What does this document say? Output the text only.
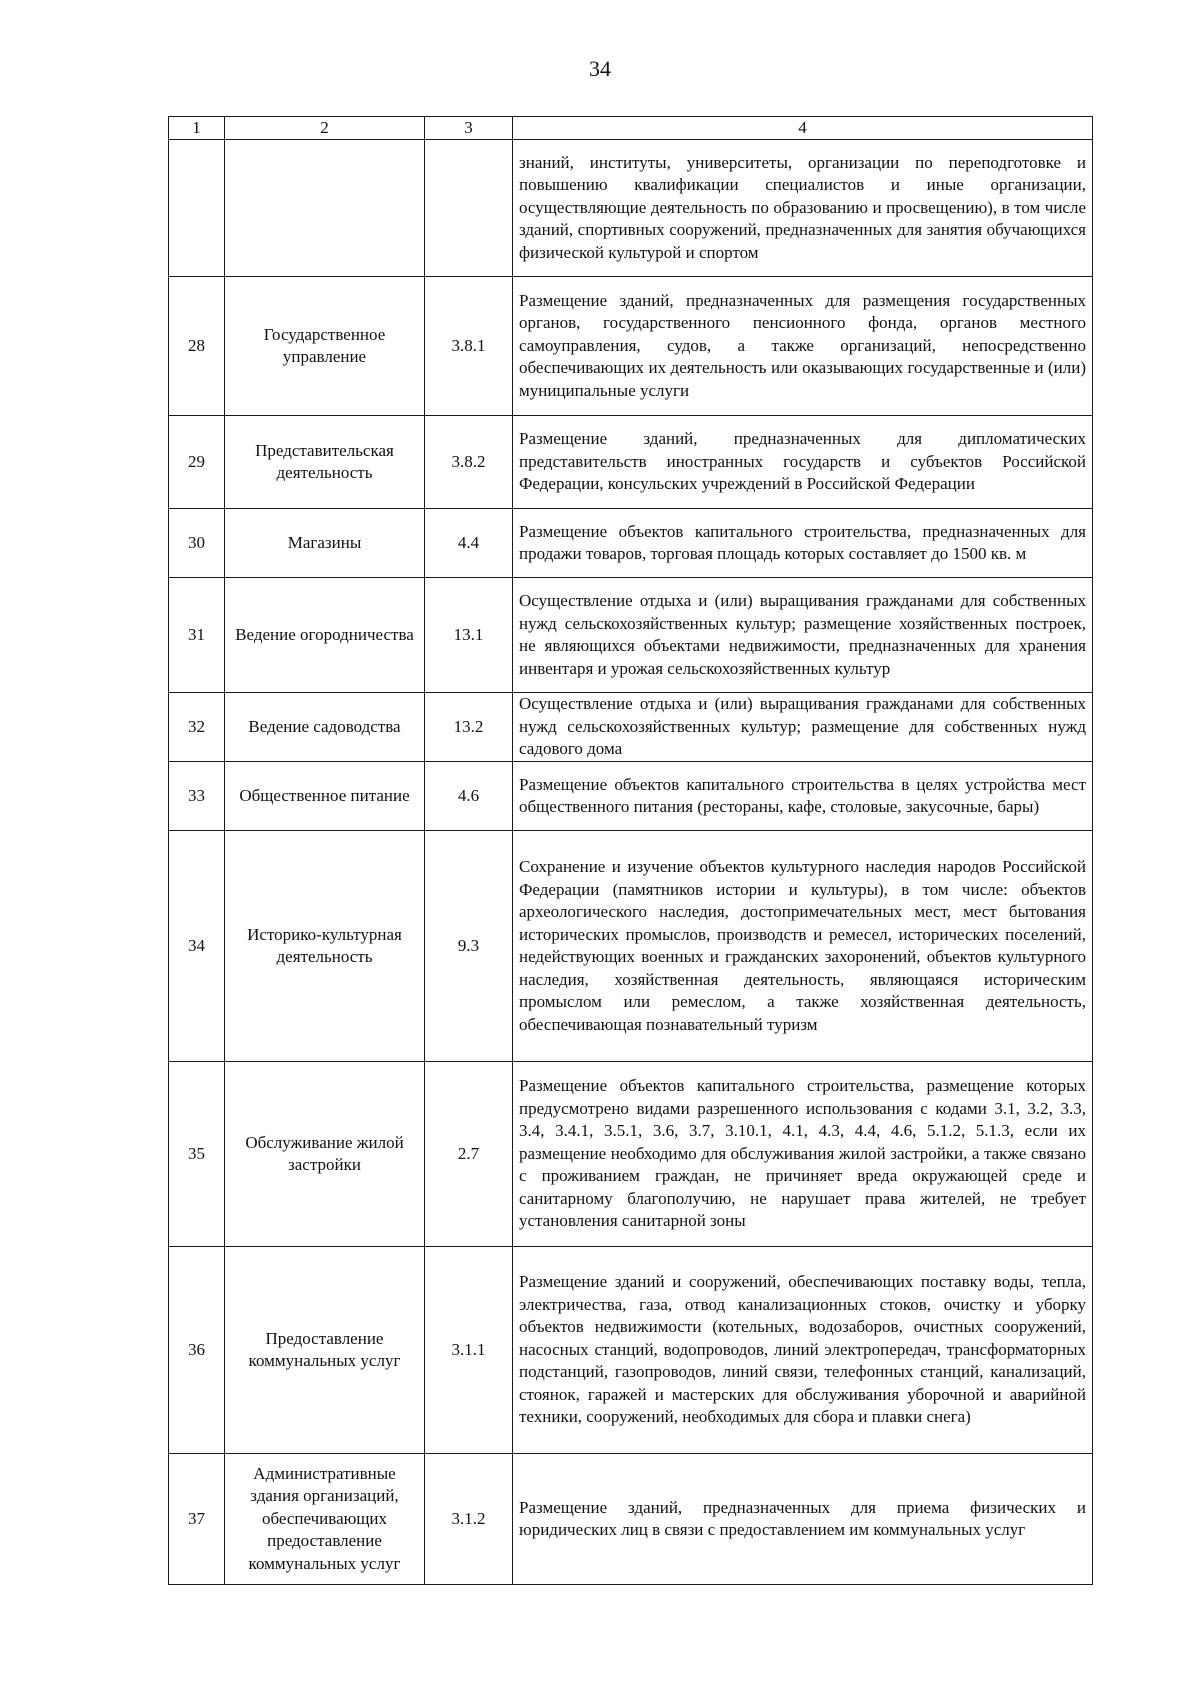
34
1	2	3	4
			знаний, институты, университеты, организации по переподготовке и повышению квалификации специалистов и иные организации, осуществляющие деятельность по образованию и просвещению), в том числе зданий, спортивных сооружений, предназначенных для занятия обучающихся физической культурой и спортом
28	Государственное управление	3.8.1	Размещение зданий, предназначенных для размещения государственных органов, государственного пенсионного фонда, органов местного самоуправления, судов, а также организаций, непосредственно обеспечивающих их деятельность или оказывающих государственные и (или) муниципальные услуги
29	Представительская деятельность	3.8.2	Размещение зданий, предназначенных для дипломатических представительств иностранных государств и субъектов Российской Федерации, консульских учреждений в Российской Федерации
30	Магазины	4.4	Размещение объектов капитального строительства, предназначенных для продажи товаров, торговая площадь которых составляет до 1500 кв. м
31	Ведение огородничества	13.1	Осуществление отдыха и (или) выращивания гражданами для собственных нужд сельскохозяйственных культур; размещение хозяйственных построек, не являющихся объектами недвижимости, предназначенных для хранения инвентаря и урожая сельскохозяйственных культур
32	Ведение садоводства	13.2	Осуществление отдыха и (или) выращивания гражданами для собственных нужд сельскохозяйственных культур; размещение для собственных нужд садового дома
33	Общественное питание	4.6	Размещение объектов капитального строительства в целях устройства мест общественного питания (рестораны, кафе, столовые, закусочные, бары)
34	Историко-культурная деятельность	9.3	Сохранение и изучение объектов культурного наследия народов Российской Федерации (памятников истории и культуры), в том числе: объектов археологического наследия, достопримечательных мест, мест бытования исторических промыслов, производств и ремесел, исторических поселений, недействующих военных и гражданских захоронений, объектов культурного наследия, хозяйственная деятельность, являющаяся историческим промыслом или ремеслом, а также хозяйственная деятельность, обеспечивающая познавательный туризм
35	Обслуживание жилой застройки	2.7	Размещение объектов капитального строительства, размещение которых предусмотрено видами разрешенного использования с кодами 3.1, 3.2, 3.3, 3.4, 3.4.1, 3.5.1, 3.6, 3.7, 3.10.1, 4.1, 4.3, 4.4, 4.6, 5.1.2, 5.1.3, если их размещение необходимо для обслуживания жилой застройки, а также связано с проживанием граждан, не причиняет вреда окружающей среде и санитарному благополучию, не нарушает права жителей, не требует установления санитарной зоны
36	Предоставление коммунальных услуг	3.1.1	Размещение зданий и сооружений, обеспечивающих поставку воды, тепла, электричества, газа, отвод канализационных стоков, очистку и уборку объектов недвижимости (котельных, водозаборов, очистных сооружений, насосных станций, водопроводов, линий электропередач, трансформаторных подстанций, газопроводов, линий связи, телефонных станций, канализаций, стоянок, гаражей и мастерских для обслуживания уборочной и аварийной техники, сооружений, необходимых для сбора и плавки снега)
37	Административные здания организаций, обеспечивающих предоставление коммунальных услуг	3.1.2	Размещение зданий, предназначенных для приема физических и юридических лиц в связи с предоставлением им коммунальных услуг
